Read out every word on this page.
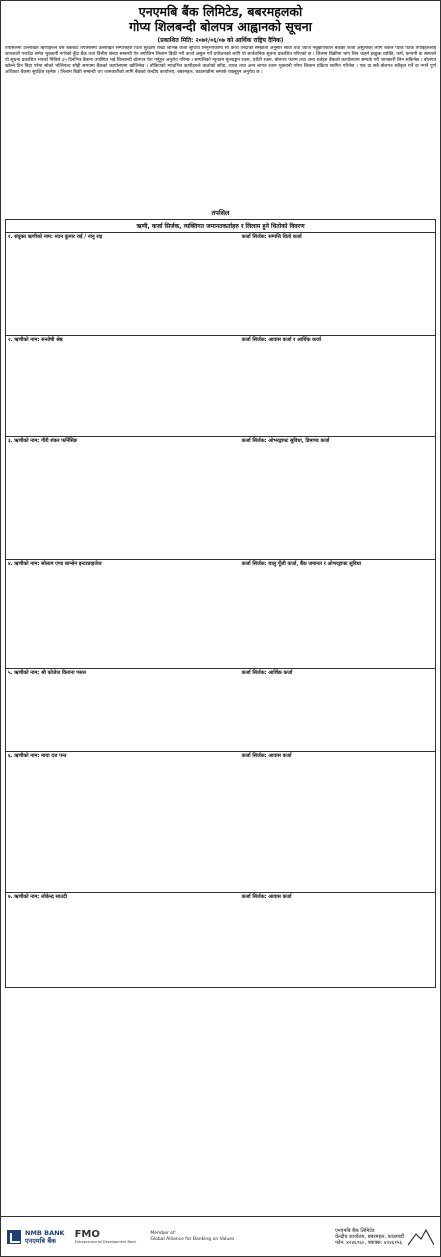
एनएमबि बैंक लिमिटेड, बबरमहलको
गोप्य शिलबन्दी बोलपत्र आह्वानको सूचना
(प्रकाशित मिति: २०७१/०६/०७ को आर्थिक राष्ट्रिय दैनिक)
तपसिलमा उल्लेखित ऋणीहरुले यस बैंकबाट तपसिलमा उल्लेखित सम्पत्तिहरु धितो सुरक्षण राखी विभिन्न कर्जा सुविधा लिनुभएकोमा सो कर्जा लिंदाको सम्झौता अनुसार साँवा तथा व्याज नबुझाएकोले बैंकको कर्जा असुलीको लागि बैंकले पटक पटक तपाईहरुलाई जानकारी गराउँदा समेत भुक्तानी नगरेको हुँदा बैंक तथा वित्तीय संस्था सम्बन्धी ऐन बमोजिम लिलाम बिक्री गरी कर्जा असुल गर्ने प्रयोजनको लागि यो सार्वजनिक सूचना प्रकाशित गरिएको छ । लिलाम बिक्रीमा भाग लिन चाहने इच्छुक व्यक्ति, फर्म, कम्पनी वा संस्थाले यो सूचना प्रकाशित भएको मितिले ३५ दिनभित्र बैंकमा उपस्थित भई शिलबन्दी बोलपत्र पेश गर्नुहुन अनुरोध गरिन्छ । सम्पत्तिको न्यूनतम मूल्याङ्कन रकम, धरौटी रकम, बोलपत्र फारम तथा अन्य शर्तहरु बैंकको कार्यालयमा सम्पर्क गरी जानकारी लिन सकिनेछ । बोलपत्र खोल्ने दिन बिदा परेमा सोको भोलिपल्ट सोही समयमा बैंकको कार्यालयमा खोलिनेछ । तोकिएको म्यादभित्र ऋणीहरुले कर्जाको साँवा, व्याज तथा अन्य लागत रकम भुक्तानी गरेमा लिलाम प्रक्रिया स्थगित गरिनेछ । एक वा सबै बोलपत्र स्वीकृत गर्ने वा नगर्ने पूर्ण अधिकार बैंकमा सुरक्षित रहनेछ । लिलाम बिक्री सम्बन्धी थप जानकारीको लागि बैंकको केन्द्रीय कार्यालय, बबरमहल, काठमाडौंमा सम्पर्क राख्नुहुन अनुरोध छ ।
तपसिल
ऋणी, कर्जा सिर्जक, व्यक्तिगत जमानतकर्ताहरु र लिलाम हुने धितोको विवरण
१. संयुक्त ऋणीको नाम: मदन कुमार राई / नानु राइ	कर्जा सिर्जक: सम्पत्ति धितो कर्जा
२. ऋणीको नाम: सन्तोषी श्रेष्ठ	कर्जा सिर्जक: आवास कर्जा र आर्थिक कर्जा
३. ऋणीको नाम: गौरी शंकर फर्निसिङ	कर्जा सिर्जक: ओभरड्राफ्ट सुविधा, डिमाण्ड कर्जा
४. ऋणीको नाम: सोलाम एण्ड सान्सेन इन्टरप्राइजेज	कर्जा सिर्जक: चालु पूँजी कर्जा, बैंक जमानत र ओभरड्राफ्ट सुविधा
५. ऋणीको नाम: श्री कोजेज किराना पसल	कर्जा सिर्जक: आर्थिक कर्जा
६. ऋणीको नाम: माया दत्त पन्त	कर्जा सिर्जक: आवास कर्जा
७. ऋणीको नाम: लोकेन्द्र साउदी	कर्जा सिर्जक: आवास कर्जा
NMB BANK
एनएमबि बैंक
FMO
Entrepreneurial Development Bank
Member of:
Global Alliance for Banking on Values
एनएमबि बैंक लिमिटेड
केन्द्रीय कार्यालय, बबरमहल, काठमाडौं
फोन: ४२४६१६०, फ्याक्स: ४२४६१५६
